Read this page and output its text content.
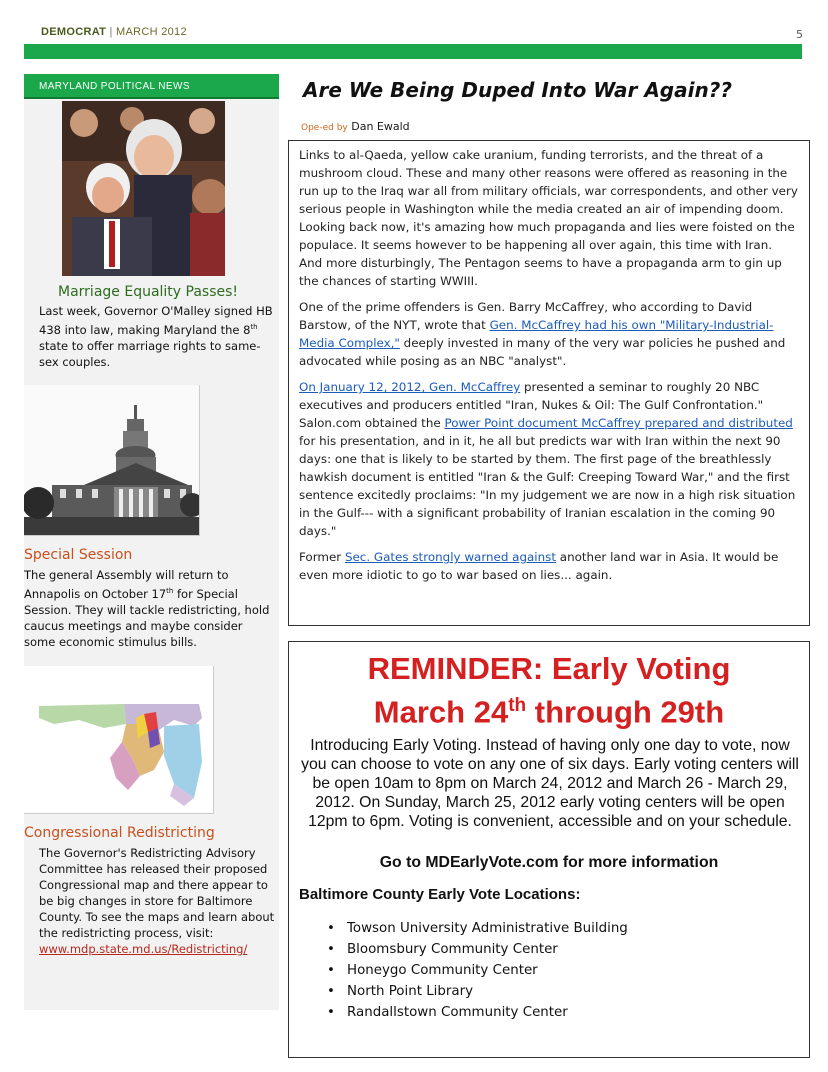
DEMOCRAT | MARCH 2012	5
MARYLAND POLITICAL NEWS
Marriage Equality Passes!
Last week, Governor O'Malley signed HB 438 into law, making Maryland the 8th state to offer marriage rights to same-sex couples.
Special Session
The general Assembly will return to Annapolis on October 17th for Special Session. They will tackle redistricting, hold caucus meetings and maybe consider some economic stimulus bills.
Congressional Redistricting
The Governor's Redistricting Advisory Committee has released their proposed Congressional map and there appear to be big changes in store for Baltimore County. To see the maps and learn about the redistricting process, visit:
www.mdp.state.md.us/Redistricting/
Are We Being Duped Into War Again??
Ope-ed by Dan Ewald

Links to al-Qaeda, yellow cake uranium, funding terrorists, and the threat of a mushroom cloud. These and many other reasons were offered as reasoning in the run up to the Iraq war all from military officials, war correspondents, and other very serious people in Washington while the media created an air of impending doom.
Looking back now, it's amazing how much propaganda and lies were foisted on the populace. It seems however to be happening all over again, this time with Iran. And more disturbingly, The Pentagon seems to have a propaganda arm to gin up the chances of starting WWIII.

One of the prime offenders is Gen. Barry McCaffrey, who according to David Barstow, of the NYT, wrote that Gen. McCaffrey had his own "Military-Industrial-Media Complex," deeply invested in many of the very war policies he pushed and advocated while posing as an NBC "analyst".

On January 12, 2012, Gen. McCaffrey presented a seminar to roughly 20 NBC executives and producers entitled "Iran, Nukes & Oil: The Gulf Confrontation." Salon.com obtained the Power Point document McCaffrey prepared and distributed for his presentation, and in it, he all but predicts war with Iran within the next 90 days: one that is likely to be started by them. The first page of the breathlessly hawkish document is entitled "Iran & the Gulf: Creeping Toward War," and the first sentence excitedly proclaims: "In my judgement we are now in a high risk situation in the Gulf--- with a significant probability of Iranian escalation in the coming 90 days."

Former Sec. Gates strongly warned against another land war in Asia. It would be even more idiotic to go to war based on lies... again.

REMINDER: Early Voting
March 24th through 29th
Introducing Early Voting. Instead of having only one day to vote, now you can choose to vote on any one of six days. Early voting centers will be open 10am to 8pm on March 24, 2012 and March 26 - March 29, 2012. On Sunday, March 25, 2012 early voting centers will be open 12pm to 6pm. Voting is convenient, accessible and on your schedule.
Go to MDEarlyVote.com for more information
Baltimore County Early Vote Locations:
• Towson University Administrative Building
• Bloomsbury Community Center
• Honeygo Community Center
• North Point Library
• Randallstown Community Center
